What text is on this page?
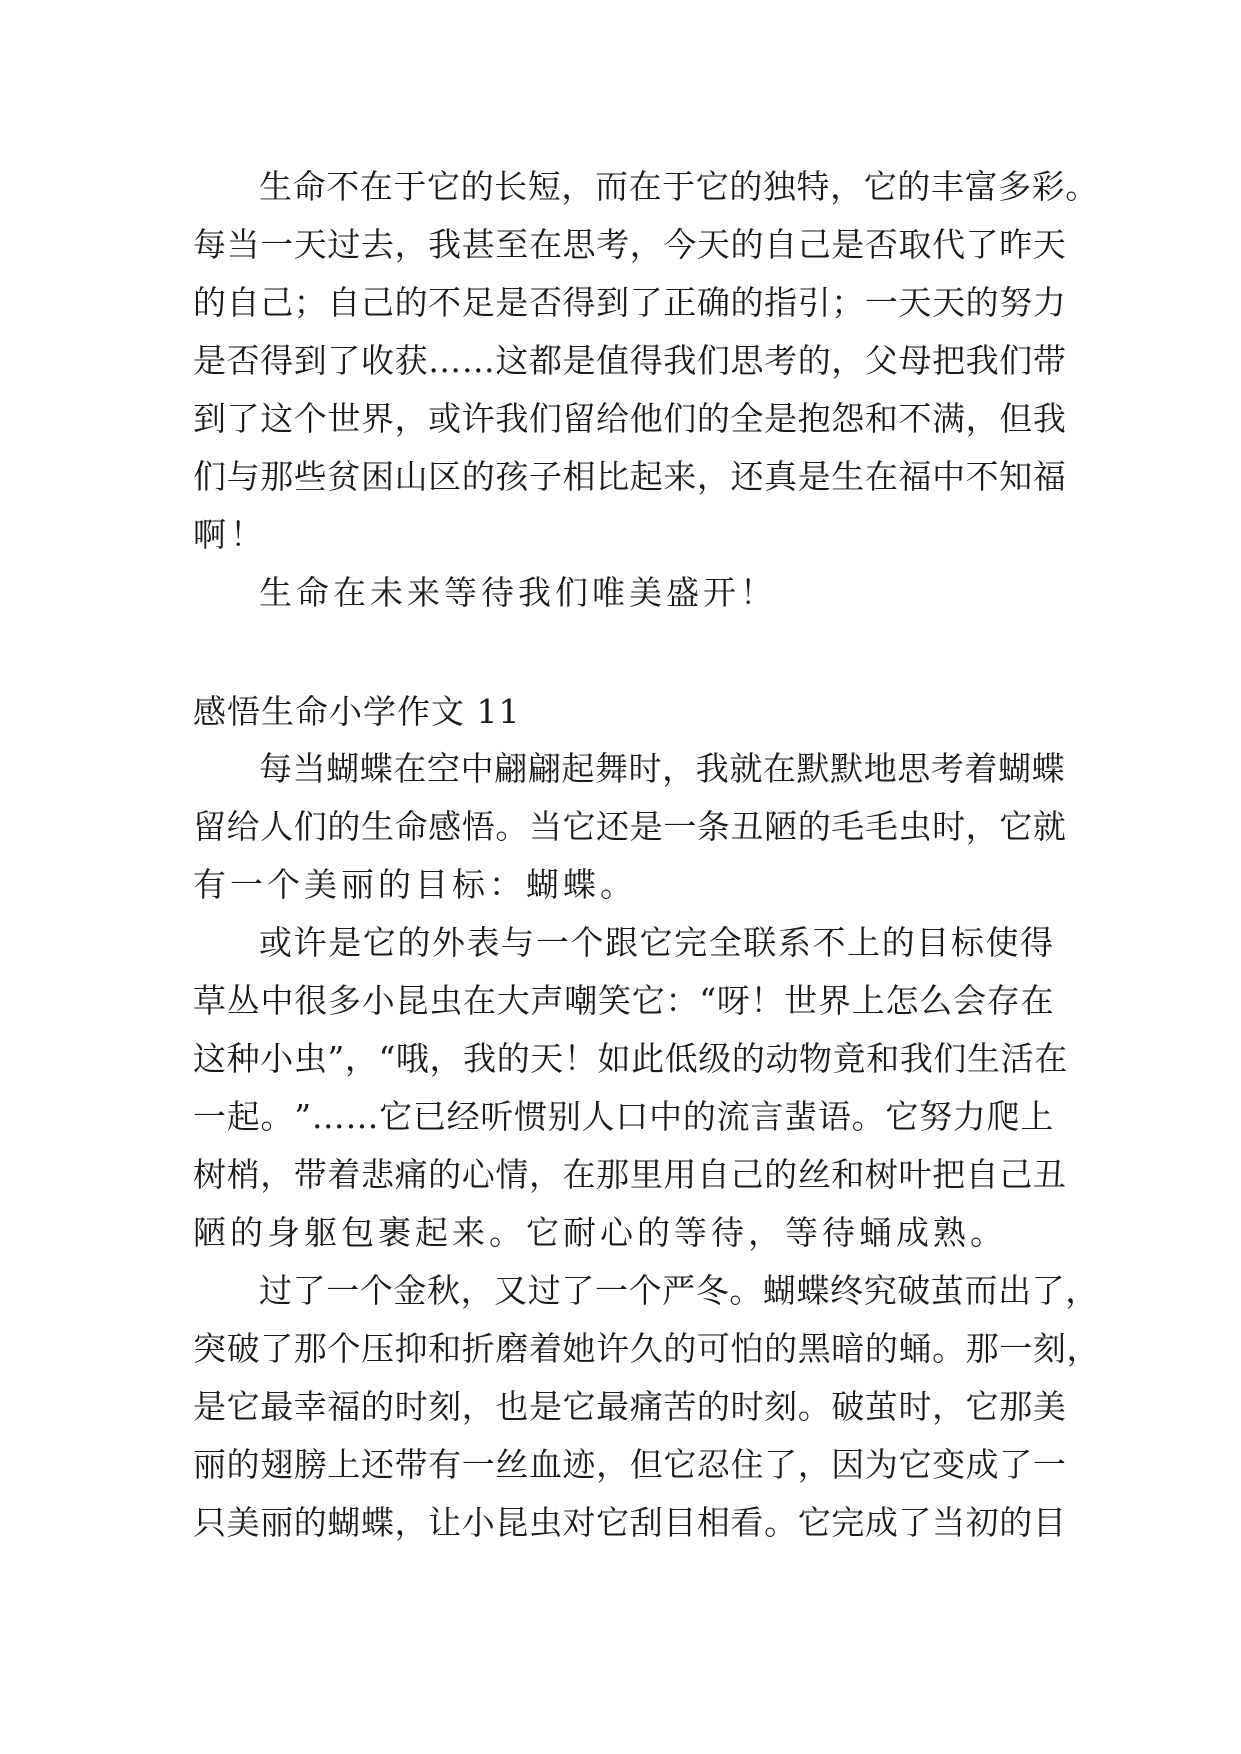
生 命 不 在 于 它 的 长 短 ， 而 在 于 它 的 独 特 ， 它 的 丰 富 多 彩 。
每 当 一 天 过 去 ， 我 甚 至 在 思 考 ， 今 天 的 自 己 是 否 取 代 了 昨 天
的 自 己 ； 自 己 的 不 足 是 否 得 到 了 正 确 的 指 引 ； 一 天 天 的 努 力
是 否 得 到 了 收 获 … … 这 都 是 值 得 我 们 思 考 的 ， 父 母 把 我 们 带
到 了 这 个 世 界 ， 或 许 我 们 留 给 他 们 的 全 是 抱 怨 和 不 满 ， 但 我
们 与 那 些 贫 困 山 区 的 孩 子 相 比 起 来 ， 还 真 是 生 在 福 中 不 知 福
啊！
生命在未来等待我们唯美盛开！
感悟生命小学作文 11
每 当 蝴 蝶 在 空 中 翩 翩 起 舞 时 ， 我 就 在 默 默 地 思 考 着 蝴 蝶
留 给 人 们 的 生 命 感 悟 。 当 它 还 是 一 条 丑 陋 的 毛 毛 虫 时 ， 它 就
有一个美丽的目标：蝴蝶。
或 许 是 它 的 外 表 与 一 个 跟 它 完 全 联 系 不 上 的 目 标 使 得
草 丛 中 很 多 小 昆 虫 在 大 声 嘲 笑 它 ： “ 呀 ！ 世 界 上 怎 么 会 存 在
这 种 小 虫 ” ， “ 哦 ， 我 的 天 ！ 如 此 低 级 的 动 物 竟 和 我 们 生 活 在
一 起 。 ” … … 它 已 经 听 惯 别 人 口 中 的 流 言 蜚 语 。 它 努 力 爬 上
树 梢 ， 带 着 悲 痛 的 心 情 ， 在 那 里 用 自 己 的 丝 和 树 叶 把 自 己 丑
陋的身躯包裹起来。它耐心的等待，等待蛹成熟。
过 了 一 个 金 秋 ， 又 过 了 一 个 严 冬 。 蝴 蝶 终 究 破 茧 而 出 了 ，
突 破 了 那 个 压 抑 和 折 磨 着 她 许 久 的 可 怕 的 黑 暗 的 蛹 。 那 一 刻 ，
是 它 最 幸 福 的 时 刻 ， 也 是 它 最 痛 苦 的 时 刻 。 破 茧 时 ， 它 那 美
丽 的 翅 膀 上 还 带 有 一 丝 血 迹 ， 但 它 忍 住 了 ， 因 为 它 变 成 了 一
只 美 丽 的 蝴 蝶 ， 让 小 昆 虫 对 它 刮 目 相 看 。 它 完 成 了 当 初 的 目
